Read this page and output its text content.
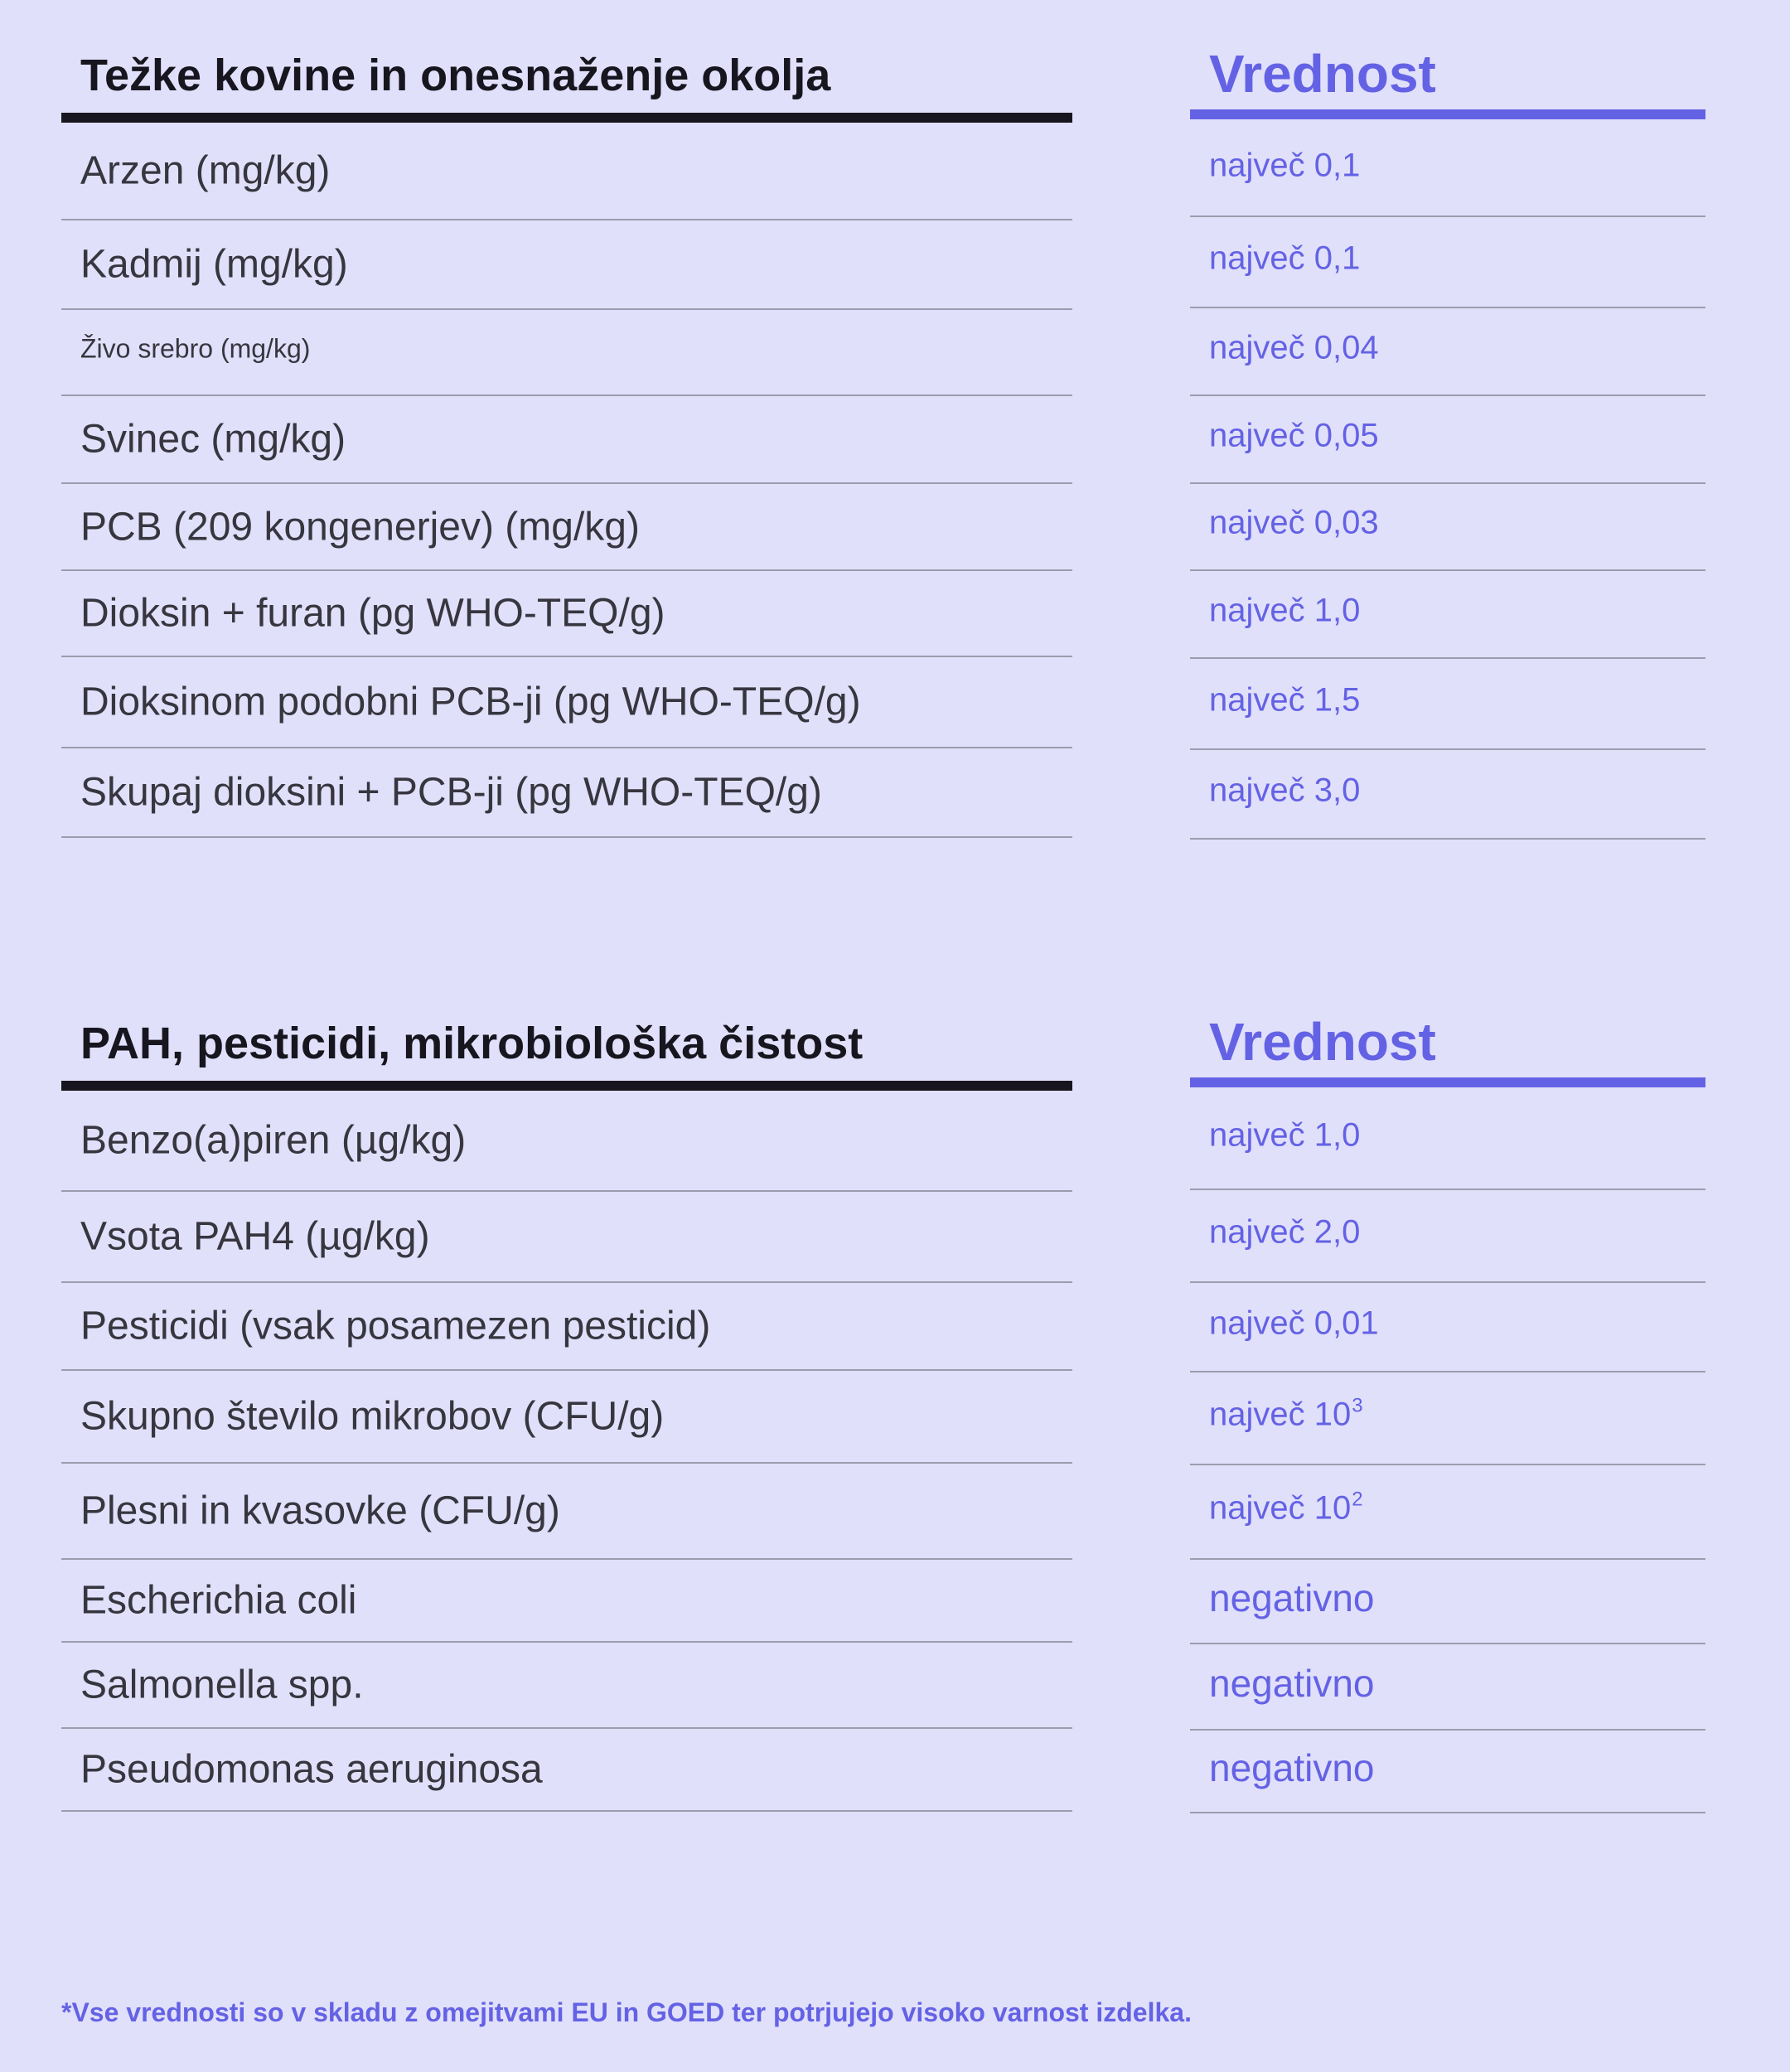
Težke kovine in onesnaženje okolja
Arzen (mg/kg)
Kadmij (mg/kg)
Živo srebro (mg/kg)
Svinec (mg/kg)
PCB (209 kongenerjev) (mg/kg)
Dioksin + furan (pg WHO-TEQ/g)
Dioksinom podobni PCB-ji (pg WHO-TEQ/g)
Skupaj dioksini + PCB-ji (pg WHO-TEQ/g)
Vrednost
največ 0,1
največ 0,1
največ 0,04
največ 0,05
največ 0,03
največ 1,0
največ 1,5
največ 3,0
PAH, pesticidi, mikrobiološka čistost
Benzo(a)piren (µg/kg)
Vsota PAH4 (µg/kg)
Pesticidi (vsak posamezen pesticid)
Skupno število mikrobov (CFU/g)
Plesni in kvasovke (CFU/g)
Escherichia coli
Salmonella spp.
Pseudomonas aeruginosa
Vrednost
največ 1,0
največ 2,0
največ 0,01
največ $10^3$
največ $10^2$
negativno
negativno
negativno
*Vse vrednosti so v skladu z omejitvami EU in GOED ter potrjujejo visoko varnost izdelka.
